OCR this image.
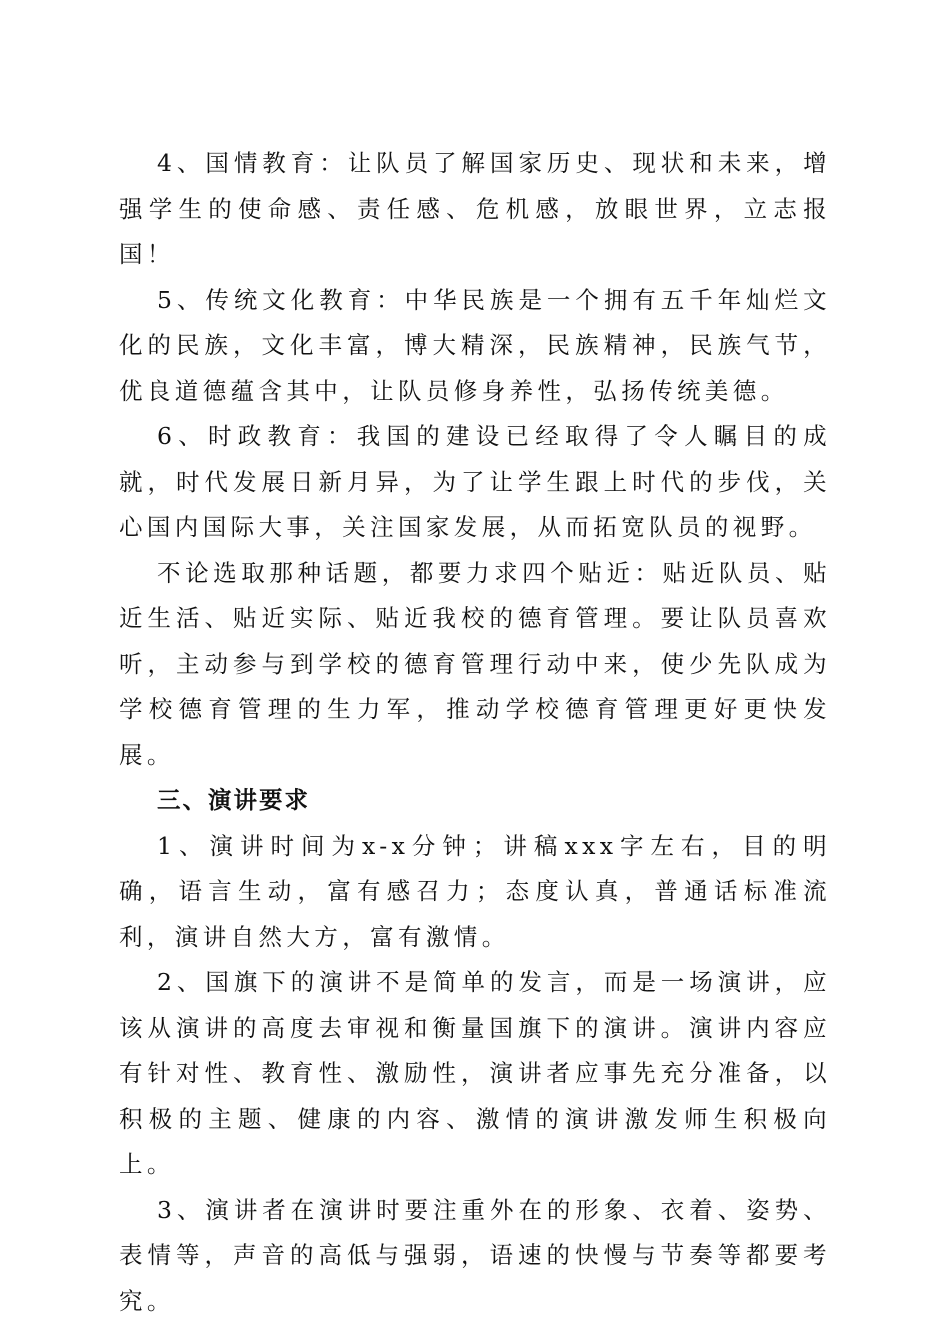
4、国情教育：让队员了解国家历史、现状和未来，增强学生的使命感、责任感、危机感，放眼世界，立志报国！

5、传统文化教育：中华民族是一个拥有五千年灿烂文化的民族，文化丰富，博大精深，民族精神，民族气节，优良道德蕴含其中，让队员修身养性，弘扬传统美德。

6、时政教育：我国的建设已经取得了令人瞩目的成就，时代发展日新月异，为了让学生跟上时代的步伐，关心国内国际大事，关注国家发展，从而拓宽队员的视野。

不论选取那种话题，都要力求四个贴近：贴近队员、贴近生活、贴近实际、贴近我校的德育管理。要让队员喜欢听，主动参与到学校的德育管理行动中来，使少先队成为学校德育管理的生力军，推动学校德育管理更好更快发展。

三、演讲要求

1、演讲时间为x-x分钟；讲稿xxx字左右，目的明确，语言生动，富有感召力；态度认真，普通话标准流利，演讲自然大方，富有激情。

2、国旗下的演讲不是简单的发言，而是一场演讲，应该从演讲的高度去审视和衡量国旗下的演讲。演讲内容应有针对性、教育性、激励性，演讲者应事先充分准备，以积极的主题、健康的内容、激情的演讲激发师生积极向上。

3、演讲者在演讲时要注重外在的形象、衣着、姿势、表情等，声音的高低与强弱，语速的快慢与节奏等都要考究。
